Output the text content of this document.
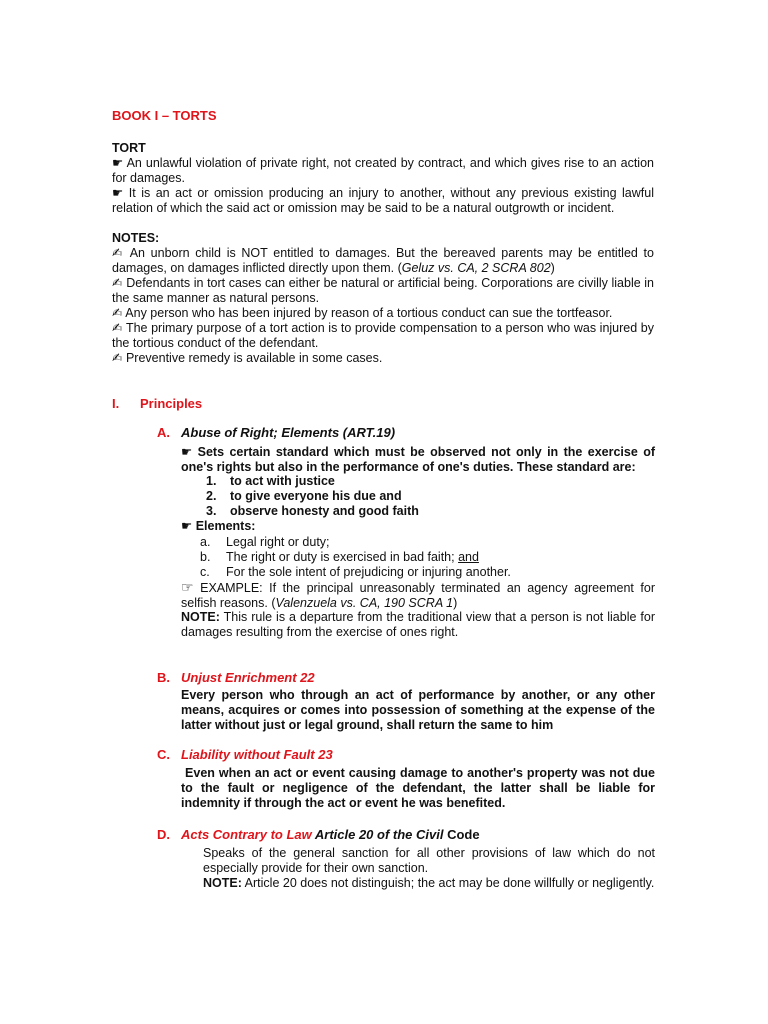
BOOK I – TORTS
TORT
☛ An unlawful violation of private right, not created by contract, and which gives rise to an action for damages.
☛ It is an act or omission producing an injury to another, without any previous existing lawful relation of which the said act or omission may be said to be a natural outgrowth or incident.
NOTES:
✍ An unborn child is NOT entitled to damages. But the bereaved parents may be entitled to damages, on damages inflicted directly upon them. (Geluz vs. CA, 2 SCRA 802)
✍ Defendants in tort cases can either be natural or artificial being. Corporations are civilly liable in the same manner as natural persons.
✍ Any person who has been injured by reason of a tortious conduct can sue the tortfeasor.
✍ The primary purpose of a tort action is to provide compensation to a person who was injured by the tortious conduct of the defendant.
✍ Preventive remedy is available in some cases.
I. Principles
A. Abuse of Right; Elements (ART.19)
☛ Sets certain standard which must be observed not only in the exercise of one's rights but also in the performance of one's duties. These standard are:
1.	to act with justice
2.	to give everyone his due and
3.	observe honesty and good faith
☛ Elements:
a.	Legal right or duty;
b.	The right or duty is exercised in bad faith; and
c.	For the sole intent of prejudicing or injuring another.
☞ EXAMPLE: If the principal unreasonably terminated an agency agreement for selfish reasons. (Valenzuela vs. CA, 190 SCRA 1)
NOTE: This rule is a departure from the traditional view that a person is not liable for damages resulting from the exercise of ones right.
B. Unjust Enrichment 22
Every person who through an act of performance by another, or any other means, acquires or comes into possession of something at the expense of the latter without just or legal ground, shall return the same to him
C. Liability without Fault 23
Even when an act or event causing damage to another's property was not due to the fault or negligence of the defendant, the latter shall be liable for indemnity if through the act or event he was benefited.
D. Acts Contrary to Law Article 20 of the Civil Code
Speaks of the general sanction for all other provisions of law which do not especially provide for their own sanction.
NOTE: Article 20 does not distinguish; the act may be done willfully or negligently.
